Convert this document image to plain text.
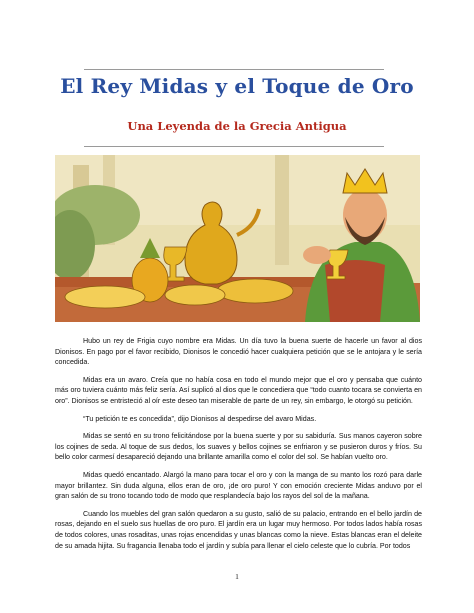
El Rey Midas y el Toque de Oro
Una Leyenda de la Grecia Antigua

Hubo un rey de Frigia cuyo nombre era Midas. Un día tuvo la buena suerte de hacerle un favor al dios Dionisos. En pago por el favor recibido, Dionisos le concedió hacer cualquiera petición que se le antojara y le sería concedida.

Midas era un avaro. Creía que no había cosa en todo el mundo mejor que el oro y pensaba que cuánto más oro tuviera cuánto más feliz sería. Así suplicó al dios que le concediera que “todo cuanto tocara se convierta en oro”. Dionisos se entristeció al oír este deseo tan miserable de parte de un rey, sin embargo, le otorgó su petición.

“Tu petición te es concedida”, dijo Dionisos al despedirse del avaro Midas.

Midas se sentó en su trono felicitándose por la buena suerte y por su sabiduría. Sus manos cayeron sobre los cojines de seda. Al toque de sus dedos, los suaves y bellos cojines se enfriaron y se pusieron duros y fríos. Su bello color carmesí desapareció dejando una brillante amarilla como el color del sol. Se habían vuelto oro.

Midas quedó encantado. Alargó la mano para tocar el oro y con la manga de su manto los rozó para darle mayor brillantez. Sin duda alguna, ellos eran de oro, ¡de oro puro! Y con emoción creciente Midas anduvo por el gran salón de su trono tocando todo de modo que resplandecía bajo los rayos del sol de la mañana.

Cuando los muebles del gran salón quedaron a su gusto, salió de su palacio, entrando en el bello jardín de rosas, dejando en el suelo sus huellas de oro puro. El jardín era un lugar muy hermoso. Por todos lados había rosas de todos colores, unas rosaditas, unas rojas encendidas y unas blancas como la nieve. Estas blancas eran el deleite de su amada hijita. Su fragancia llenaba todo el jardín y subía para llenar el cielo celeste que lo cubría. Por todos

1
